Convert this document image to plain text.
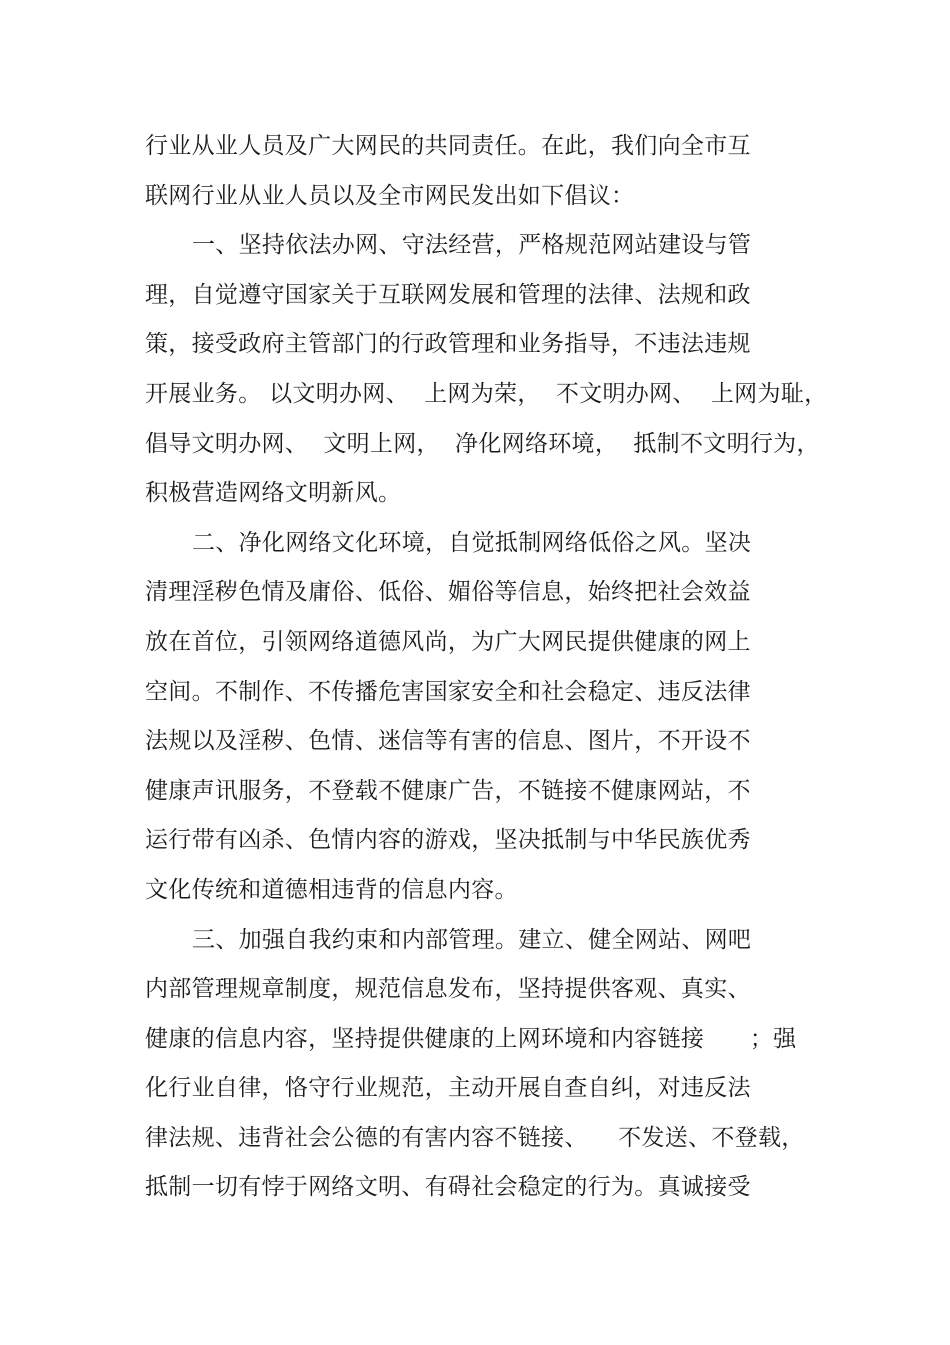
行业从业人员及广大网民的共同责任。在此，我们向全市互
联网行业从业人员以及全市网民发出如下倡议：
一、坚持依法办网、守法经营，严格规范网站建设与管
理，自觉遵守国家关于互联网发展和管理的法律、法规和政
策，接受政府主管部门的行政管理和业务指导，不违法违规
开展业务。 以文明办网、  上网为荣，  不文明办网、  上网为耻，
倡导文明办网、  文明上网，  净化网络环境，  抵制不文明行为，
积极营造网络文明新风。
二、净化网络文化环境，自觉抵制网络低俗之风。坚决
清理淫秽色情及庸俗、低俗、媚俗等信息，始终把社会效益
放在首位，引领网络道德风尚，为广大网民提供健康的网上
空间。不制作、不传播危害国家安全和社会稳定、违反法律
法规以及淫秽、色情、迷信等有害的信息、图片，不开设不
健康声讯服务，不登载不健康广告，不链接不健康网站，不
运行带有凶杀、色情内容的游戏，坚决抵制与中华民族优秀
文化传统和道德相违背的信息内容。
三、加强自我约束和内部管理。建立、健全网站、网吧
内部管理规章制度，规范信息发布，坚持提供客观、真实、
健康的信息内容，坚持提供健康的上网环境和内容链接      ；强
化行业自律，恪守行业规范，主动开展自查自纠，对违反法
律法规、违背社会公德的有害内容不链接、    不发送、不登载，
抵制一切有悖于网络文明、有碍社会稳定的行为。真诚接受
